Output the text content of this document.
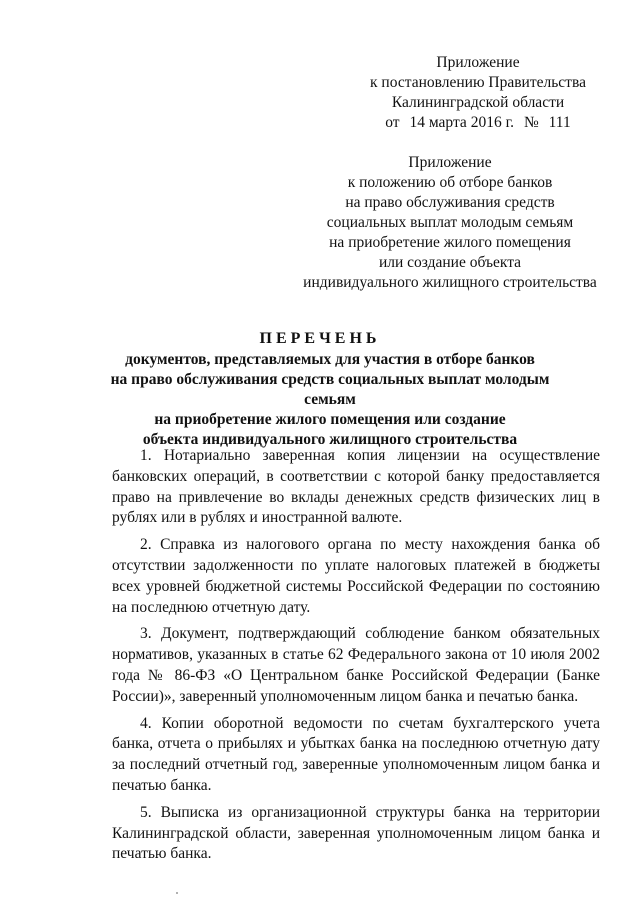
Приложение
к постановлению Правительства
Калининградской области
от 14 марта 2016 г. № 111
Приложение
к положению об отборе банков
на право обслуживания средств
социальных выплат молодым семьям
на приобретение жилого помещения
или создание объекта
индивидуального жилищного строительства
ПЕРЕЧЕНЬ
документов, представляемых для участия в отборе банков
на право обслуживания средств социальных выплат молодым семьям
на приобретение жилого помещения или создание
объекта индивидуального жилищного строительства

1. Нотариально заверенная копия лицензии на осуществление банковских операций, в соответствии с которой банку предоставляется право на привлечение во вклады денежных средств физических лиц в рублях или в рублях и иностранной валюте.

2. Справка из налогового органа по месту нахождения банка об отсутствии задолженности по уплате налоговых платежей в бюджеты всех уровней бюджетной системы Российской Федерации по состоянию на последнюю отчетную дату.

3. Документ, подтверждающий соблюдение банком обязательных нормативов, указанных в статье 62 Федерального закона от 10 июля 2002 года № 86-ФЗ «О Центральном банке Российской Федерации (Банке России)», заверенный уполномоченным лицом банка и печатью банка.

4. Копии оборотной ведомости по счетам бухгалтерского учета банка, отчета о прибылях и убытках банка на последнюю отчетную дату за последний отчетный год, заверенные уполномоченным лицом банка и печатью банка.

5. Выписка из организационной структуры банка на территории Калининградской области, заверенная уполномоченным лицом банка и печатью банка.
